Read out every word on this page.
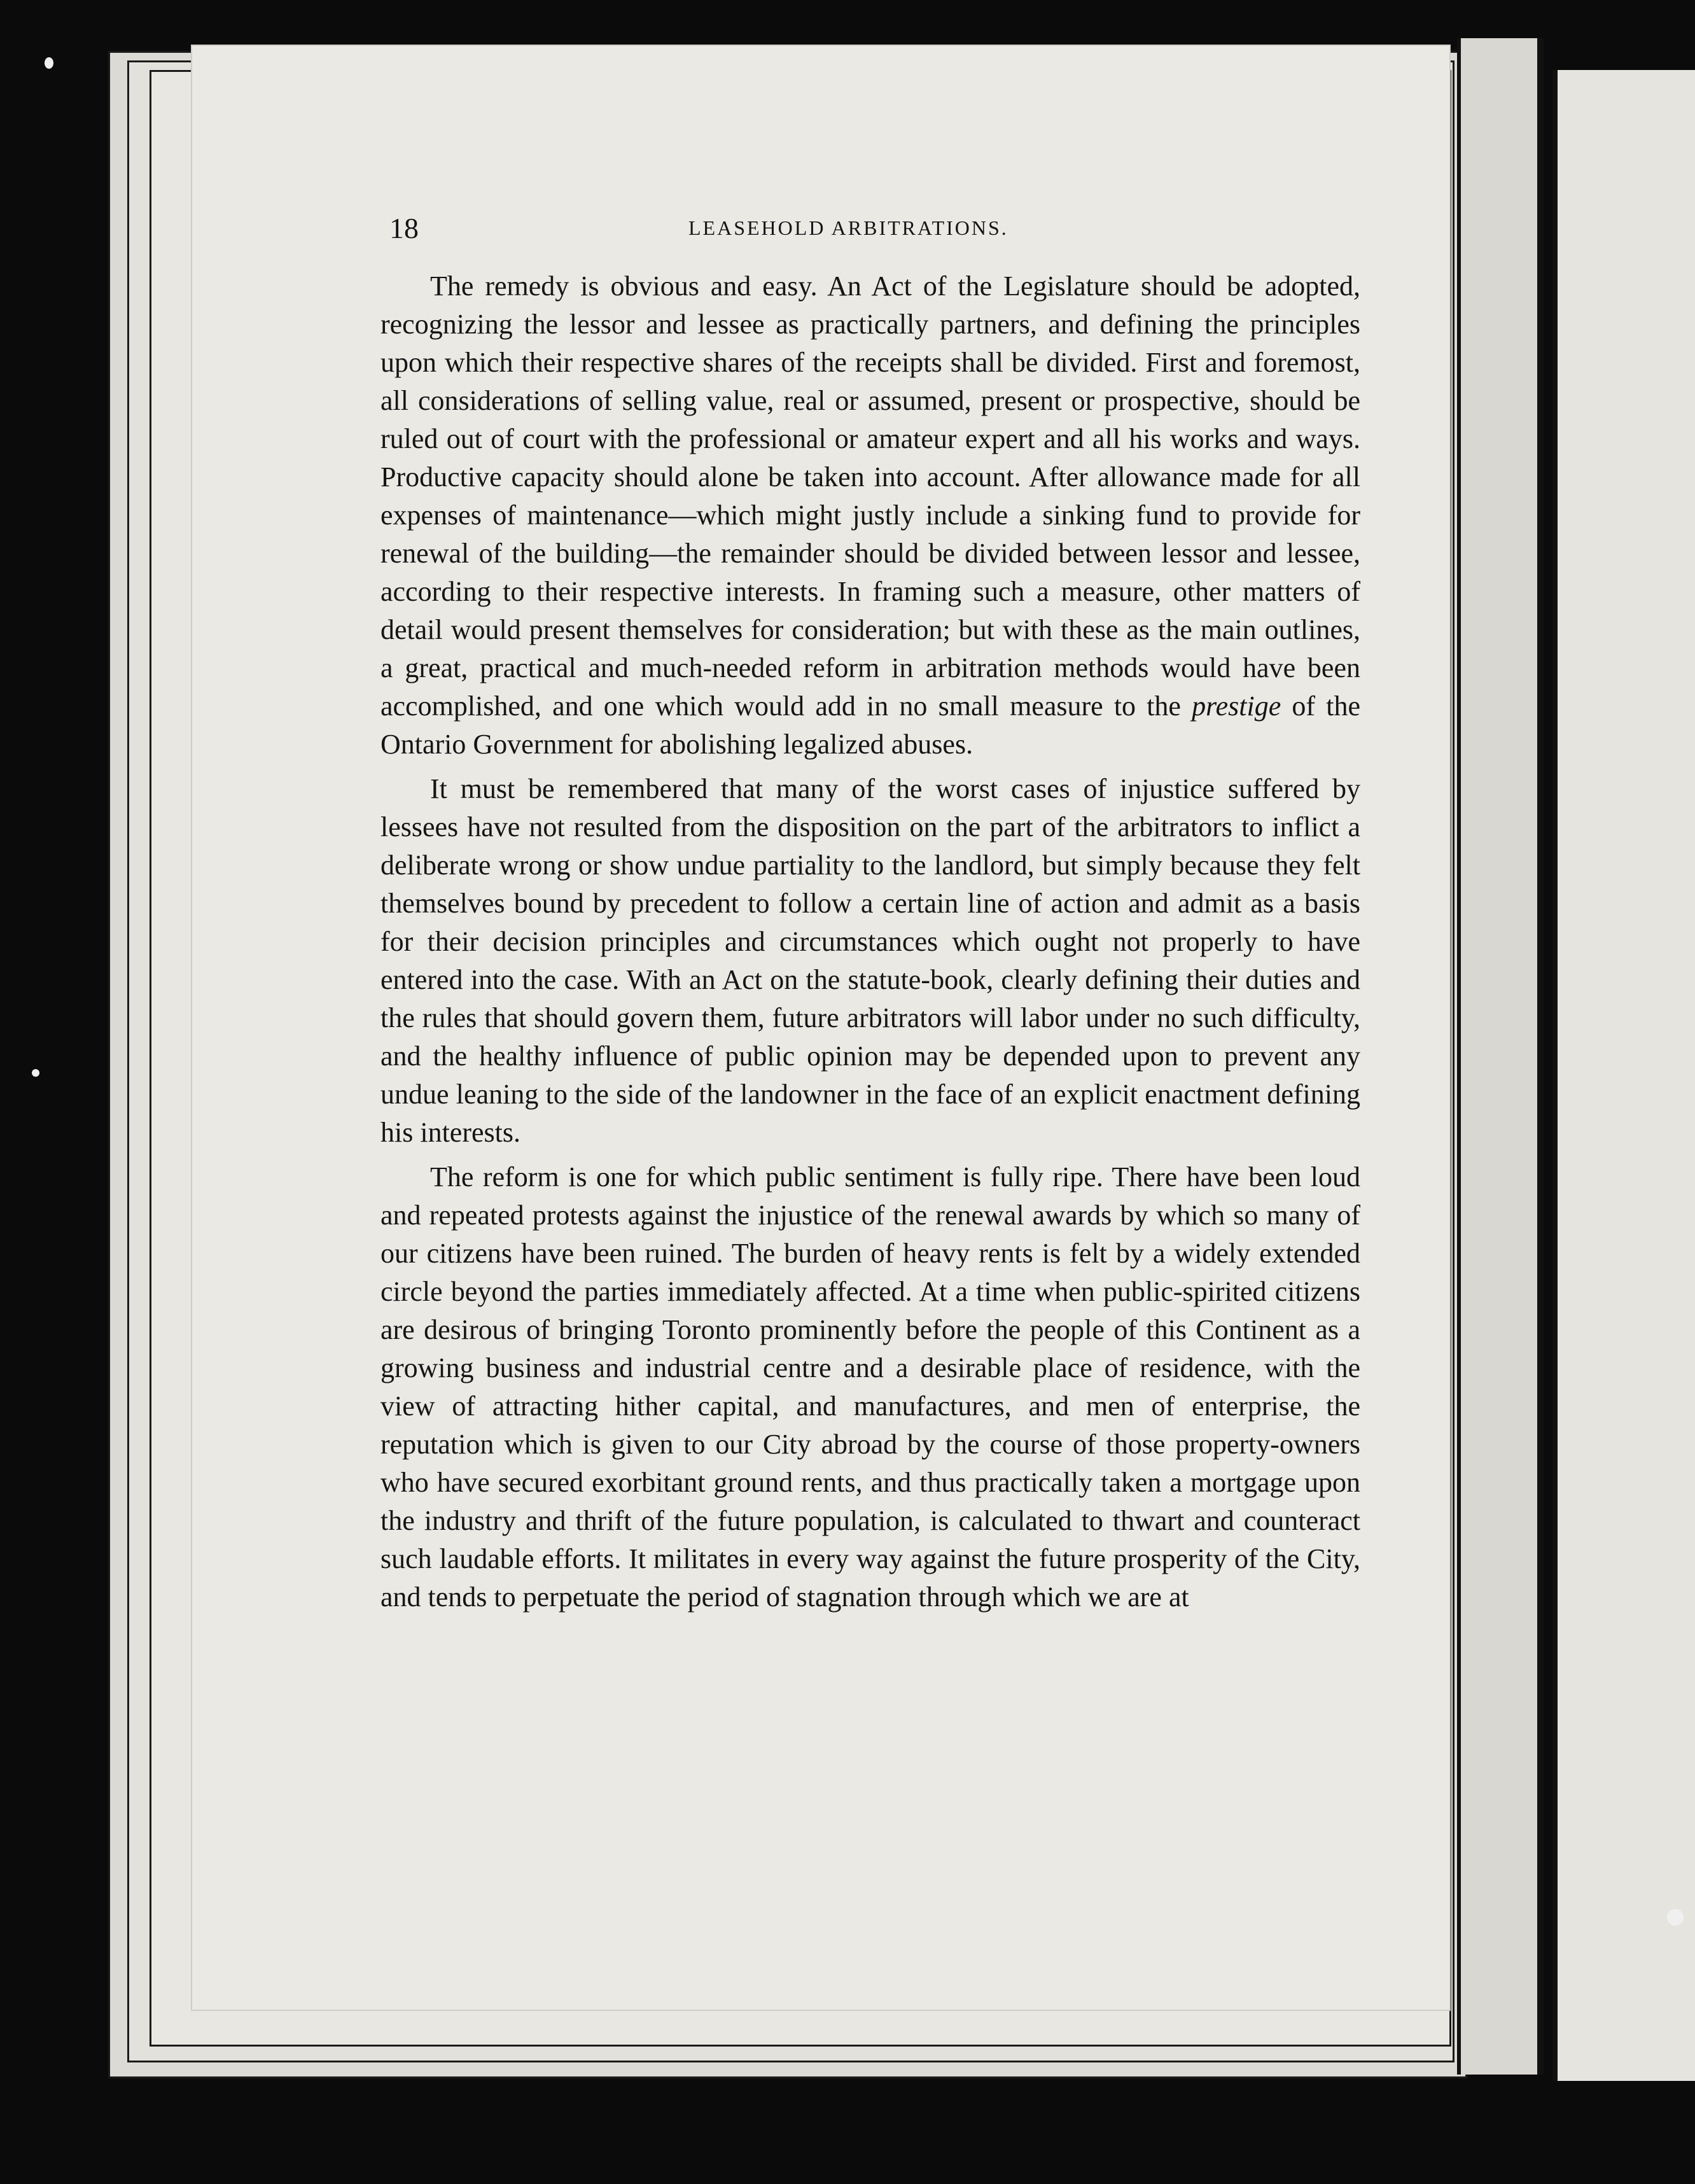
18	LEASEHOLD ARBITRATIONS.

The remedy is obvious and easy. An Act of the Legislature should be adopted, recognizing the lessor and lessee as practically partners, and defining the principles upon which their respective shares of the receipts shall be divided. First and foremost, all considerations of selling value, real or assumed, present or prospective, should be ruled out of court with the professional or amateur expert and all his works and ways. Productive capacity should alone be taken into account. After allowance made for all expenses of maintenance—which might justly include a sinking fund to provide for renewal of the building—the remainder should be divided between lessor and lessee, according to their respective interests. In framing such a measure, other matters of detail would present themselves for consideration; but with these as the main outlines, a great, practical and much-needed reform in arbitration methods would have been accomplished, and one which would add in no small measure to the prestige of the Ontario Government for abolishing legalized abuses.

It must be remembered that many of the worst cases of injustice suffered by lessees have not resulted from the disposition on the part of the arbitrators to inflict a deliberate wrong or show undue partiality to the landlord, but simply because they felt themselves bound by precedent to follow a certain line of action and admit as a basis for their decision principles and circumstances which ought not properly to have entered into the case. With an Act on the statute-book, clearly defining their duties and the rules that should govern them, future arbitrators will labor under no such difficulty, and the healthy influence of public opinion may be depended upon to prevent any undue leaning to the side of the landowner in the face of an explicit enactment defining his interests.

The reform is one for which public sentiment is fully ripe. There have been loud and repeated protests against the injustice of the renewal awards by which so many of our citizens have been ruined. The burden of heavy rents is felt by a widely extended circle beyond the parties immediately affected. At a time when public-spirited citizens are desirous of bringing Toronto prominently before the people of this Continent as a growing business and industrial centre and a desirable place of residence, with the view of attracting hither capital, and manufactures, and men of enterprise, the reputation which is given to our City abroad by the course of those property-owners who have secured exorbitant ground rents, and thus practically taken a mortgage upon the industry and thrift of the future population, is calculated to thwart and counteract such laudable efforts. It militates in every way against the future prosperity of the City, and tends to perpetuate the period of stagnation through which we are at
